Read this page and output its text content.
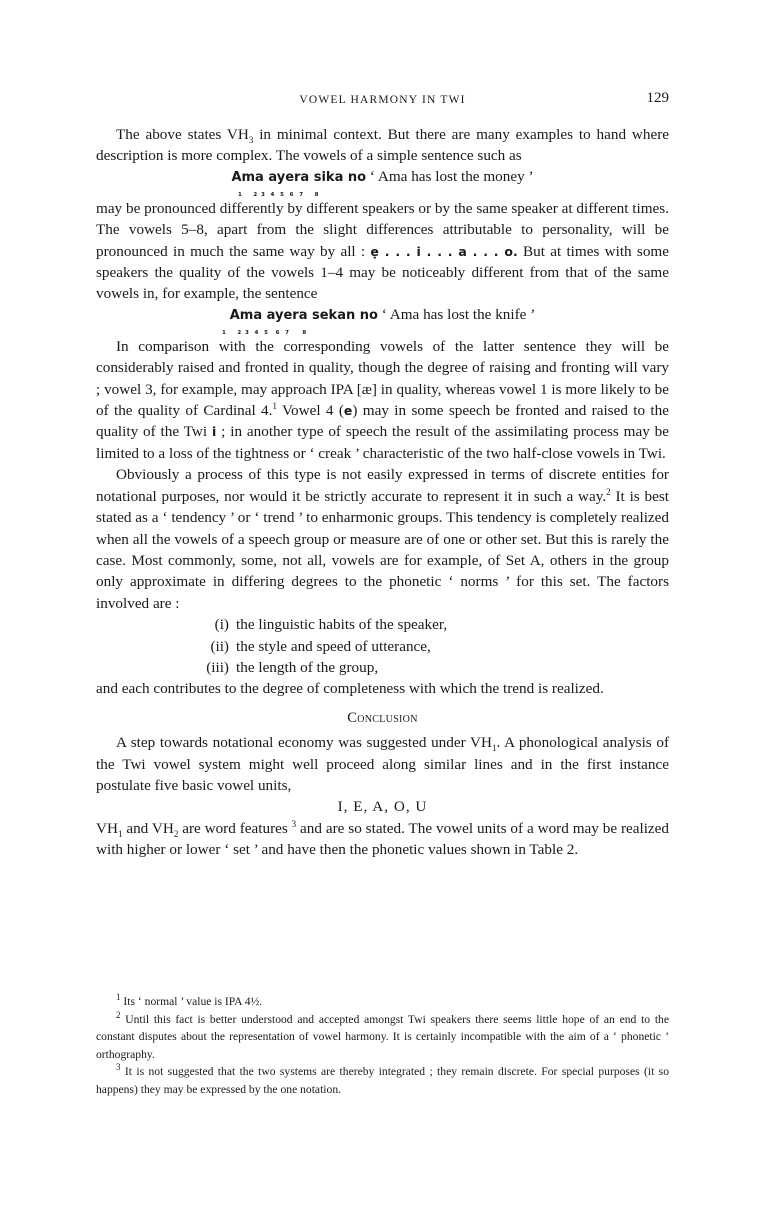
VOWEL HARMONY IN TWI	129

The above states $VH_3$ in minimal context. But there are many examples to hand where description is more complex. The vowels of a simple sentence such as

Ama ayera sika no ‘ Ama has lost the money ’
1      2  3   4   5   6   7      8

may be pronounced differently by different speakers or by the same speaker at different times. The vowels 5–8, apart from the slight differences attributable to personality, will be pronounced in much the same way by all : ẹ . . . i . . . a . . . o. But at times with some speakers the quality of the vowels 1–4 may be noticeably different from that of the same vowels in, for example, the sentence

Ama ayera sekan no ‘ Ama has lost the knife ’
1      2  3   4   5    6   7       8

In comparison with the corresponding vowels of the latter sentence they will be considerably raised and fronted in quality, though the degree of raising and fronting will vary ; vowel 3, for example, may approach IPA [æ] in quality, whereas vowel 1 is more likely to be of the quality of Cardinal 4.$^1$ Vowel 4 (e) may in some speech be fronted and raised to the quality of the Twi i ; in another type of speech the result of the assimilating process may be limited to a loss of the tightness or ‘ creak ’ characteristic of the two half-close vowels in Twi.

Obviously a process of this type is not easily expressed in terms of discrete entities for notational purposes, nor would it be strictly accurate to represent it in such a way.$^2$ It is best stated as a ‘ tendency ’ or ‘ trend ’ to enharmonic groups. This tendency is completely realized when all the vowels of a speech group or measure are of one or other set. But this is rarely the case. Most commonly, some, not all, vowels are for example, of Set A, others in the group only approximate in differing degrees to the phonetic ‘ norms ’ for this set. The factors involved are :

(i) the linguistic habits of the speaker,
(ii) the style and speed of utterance,
(iii) the length of the group,

and each contributes to the degree of completeness with which the trend is realized.

Conclusion

A step towards notational economy was suggested under $VH_1$. A phonological analysis of the Twi vowel system might well proceed along similar lines and in the first instance postulate five basic vowel units,

I, E, A, O, U

$VH_1$ and $VH_2$ are word features $^3$ and are so stated. The vowel units of a word may be realized with higher or lower ‘ set ’ and have then the phonetic values shown in Table 2.

$^1$ Its ‘ normal ’ value is IPA 4½.

$^2$ Until this fact is better understood and accepted amongst Twi speakers there seems little hope of an end to the constant disputes about the representation of vowel harmony. It is certainly incompatible with the aim of a ‘ phonetic ’ orthography.

$^3$ It is not suggested that the two systems are thereby integrated ; they remain discrete. For special purposes (it so happens) they may be expressed by the one notation.
